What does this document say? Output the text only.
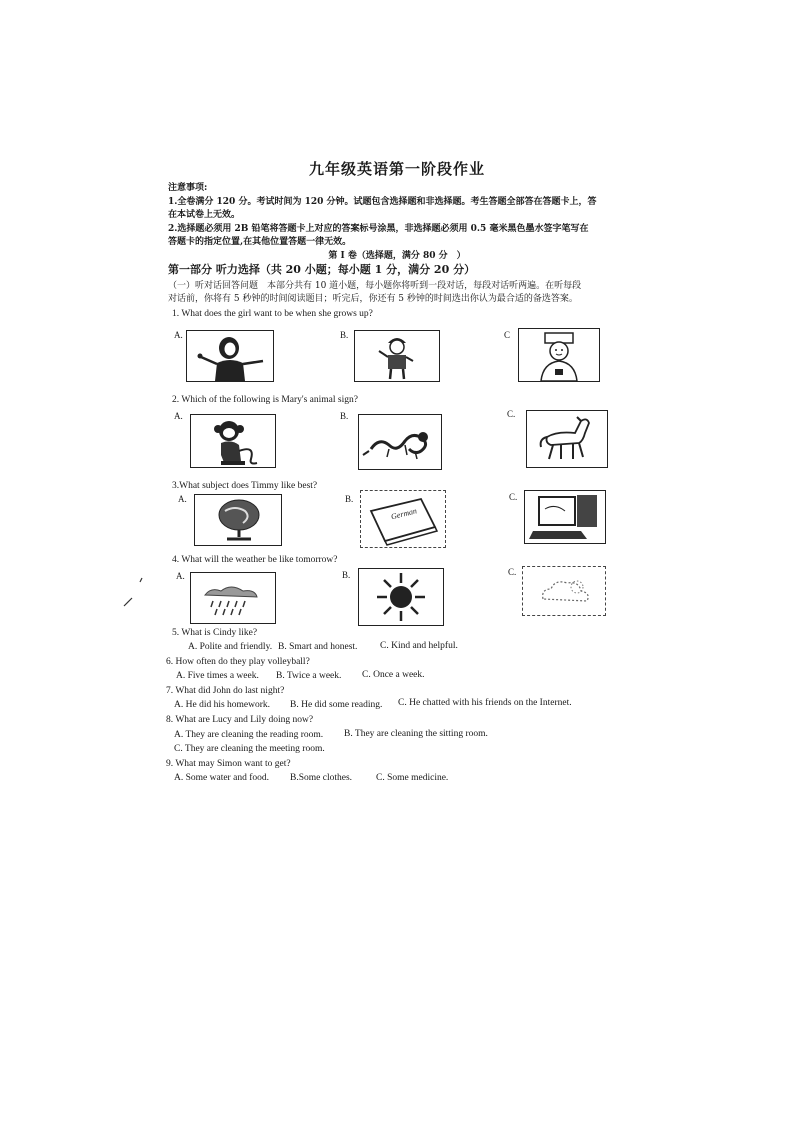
九年级英语第一阶段作业
注意事项:
1.全卷满分 120 分。考试时间为 120 分钟。试题包含选择题和非选择题。考生答题全部答在答题卡上，答
在本试卷上无效。
2.选择题必须用 2B 铅笔将答题卡上对应的答案标号涂黑，非选择题必须用 0.5 毫米黑色墨水签字笔写在
答题卡的指定位置,在其他位置答题一律无效。
第 I 卷（选择题，满分 80 分　）
第一部分 听力选择（共 20 小题；每小题 1 分，满分 20 分）
（一）听对话回答问题　本部分共有 10 道小题，每小题你将听到一段对话，每段对话听两遍。在听每段
对话前，你将有 5 秒钟的时间阅读题目；听完后，你还有 5 秒钟的时间选出你认为最合适的备选答案。
1. What does the girl want to be when she grows up?
A.	B.	C
2. Which of the following is Mary's animal sign?
A.	B.	C.
3.What subject does Timmy like best?
A.	B.	C.
German
4. What will the weather be like tomorrow?
A.	B.	C.
5. What is Cindy like?
A. Polite and friendly. B. Smart and honest. C. Kind and helpful.
6. How often do they play volleyball?
A. Five times a week. B. Twice a week. C. Once a week.
7. What did John do last night?
A. He did his homework. B. He did some reading. C. He chatted with his friends on the Internet.
8. What are Lucy and Lily doing now?
A. They are cleaning the reading room. B. They are cleaning the sitting room.
C. They are cleaning the meeting room.
9. What may Simon want to get?
A. Some water and food. B.Some clothes.	C. Some medicine.
